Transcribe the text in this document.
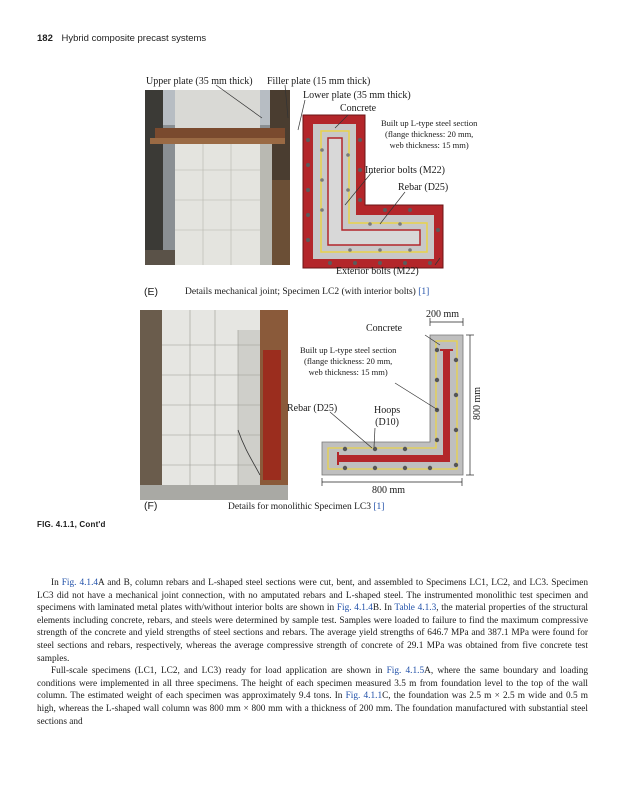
182 Hybrid composite precast systems
Upper plate (35 mm thick) Filler plate (15 mm thick)
Lower plate (35 mm thick)
Concrete
Built up L-type steel section
(flange thickness: 20 mm,
web thickness: 15 mm)
Interior bolts (M22)
Rebar (D25)
Exterior bolts (M22)
(E)	Details mechanical joint; Specimen LC2 (with interior bolts) [1]
200 mm
Concrete
Built up L-type steel section
(flange thickness: 20 mm,
web thickness: 15 mm)
Rebar (D25)	Hoops
(D10)
800 mm
800 mm
(F)	Details for monolithic Specimen LC3 [1]
FIG. 4.1.1, Cont'd

In Fig. 4.1.4A and B, column rebars and L-shaped steel sections were cut, bent, and assembled to Specimens LC1, LC2, and LC3. Specimen LC3 did not have a mechanical joint connection, with no amputated rebars and L-shaped steel. The instrumented monolithic test specimen and specimens with laminated metal plates with/without interior bolts are shown in Fig. 4.1.4B. In Table 4.1.3, the material properties of the structural elements including concrete, rebars, and steels were determined by sample test. Samples were loaded to failure to find the maximum compressive strength of the concrete and yield strengths of steel sections and rebars. The average yield strengths of 646.7 MPa and 387.1 MPa were found for steel sections and rebars, respectively, whereas the average compressive strength of concrete of 29.1 MPa was obtained from five concrete test samples.

Full-scale specimens (LC1, LC2, and LC3) ready for load application are shown in Fig. 4.1.5A, where the same boundary and loading conditions were implemented in all three specimens. The height of each specimen measured 3.5 m from foundation level to the top of the wall column. The estimated weight of each specimen was approximately 9.4 tons. In Fig. 4.1.1C, the foundation was 2.5 m × 2.5 m wide and 0.5 m high, whereas the L-shaped wall column was 800 mm × 800 mm with a thickness of 200 mm. The foundation manufactured with substantial steel sections and
